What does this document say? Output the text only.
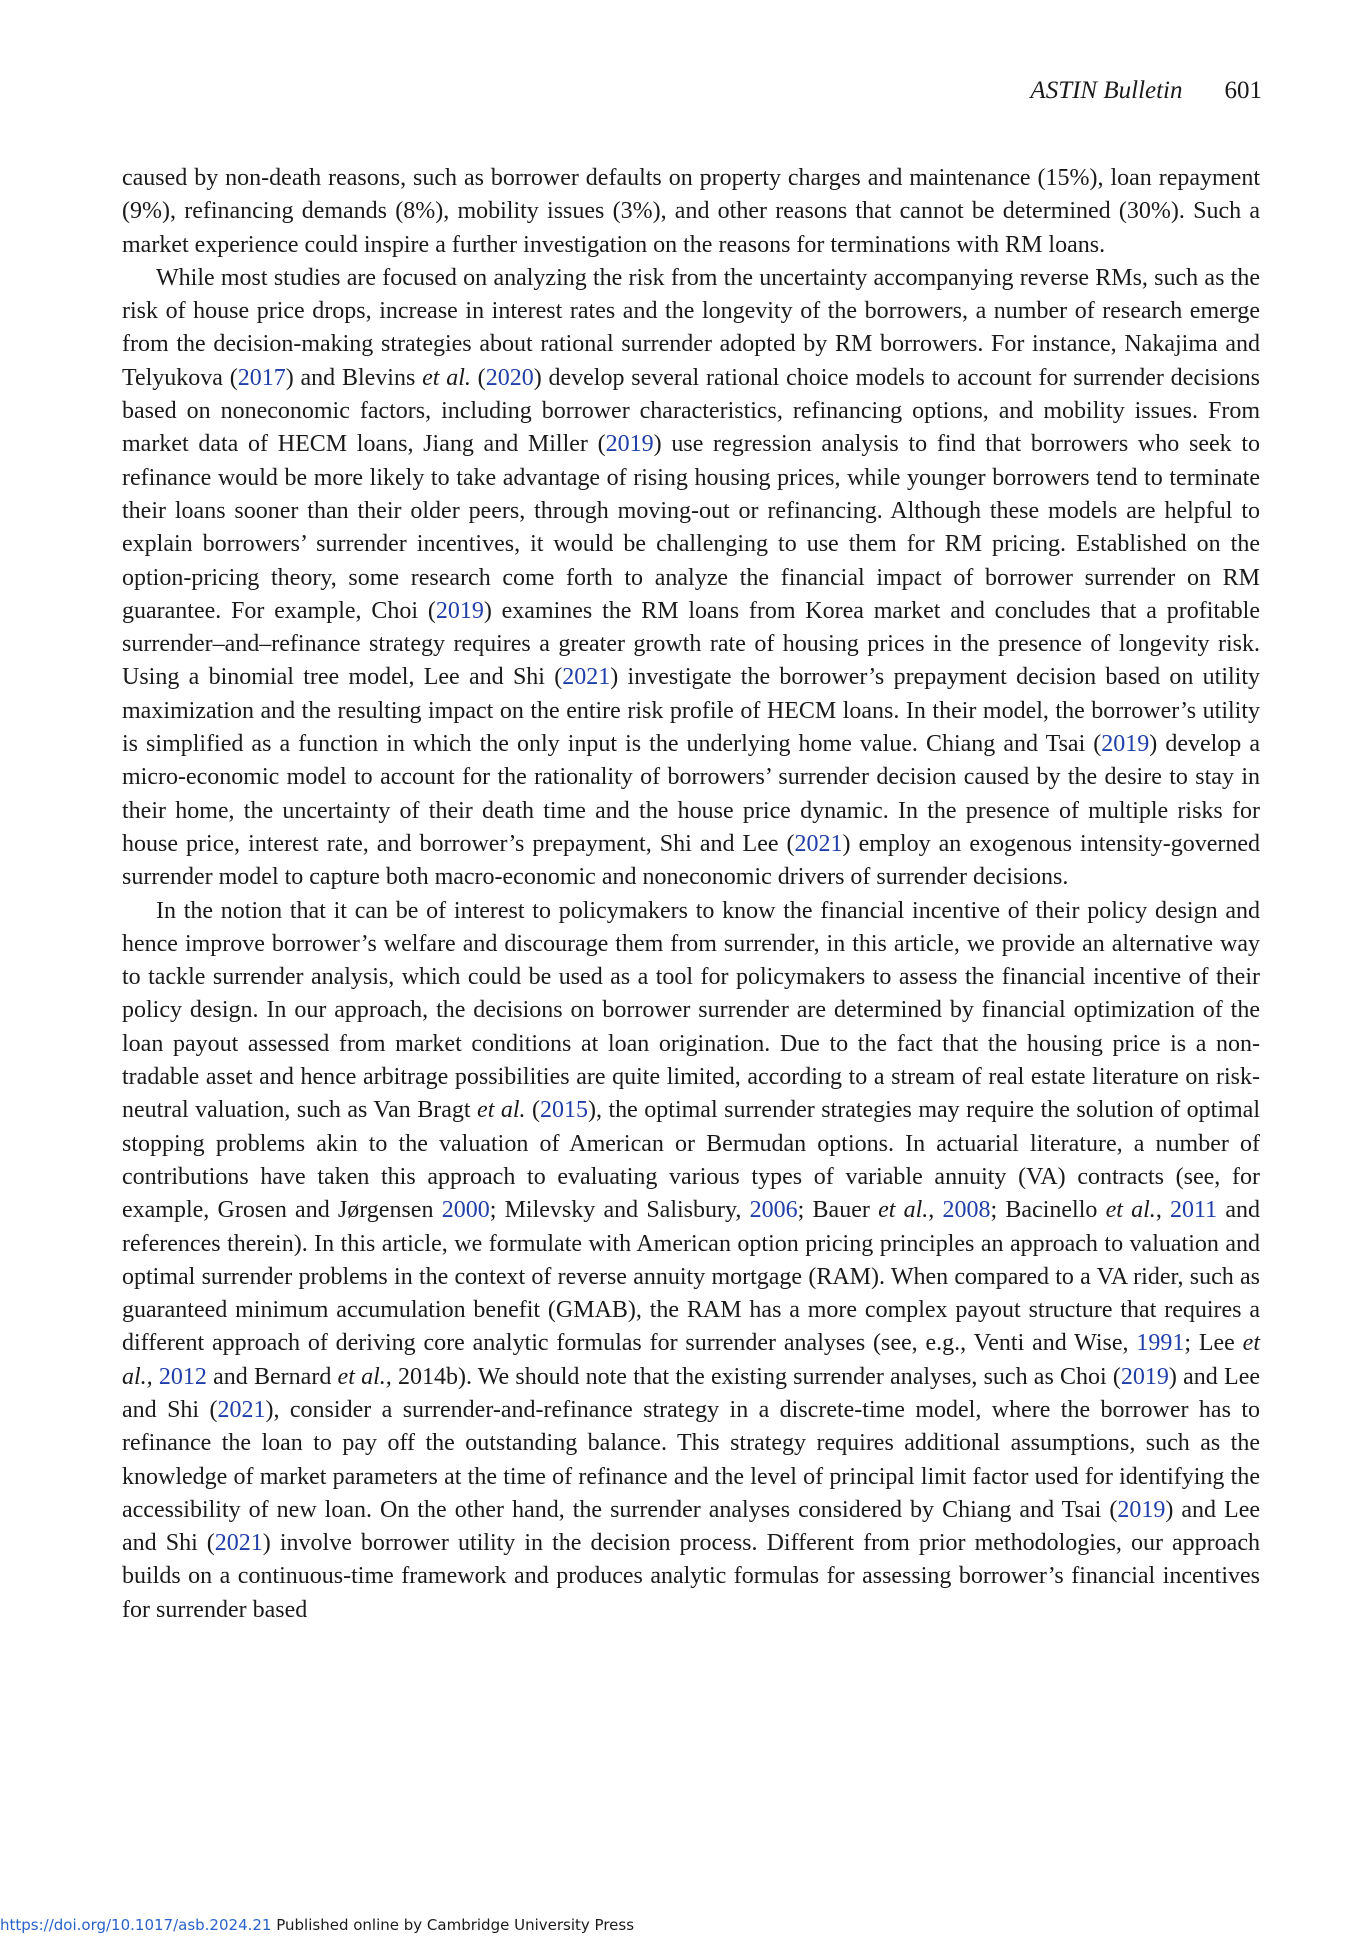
ASTIN Bulletin 601

caused by non-death reasons, such as borrower defaults on property charges and maintenance (15%), loan repayment (9%), refinancing demands (8%), mobility issues (3%), and other reasons that cannot be determined (30%). Such a market experience could inspire a further investigation on the reasons for terminations with RM loans.

While most studies are focused on analyzing the risk from the uncertainty accompanying reverse RMs, such as the risk of house price drops, increase in interest rates and the longevity of the borrowers, a number of research emerge from the decision-making strategies about rational surrender adopted by RM borrowers. For instance, Nakajima and Telyukova (2017) and Blevins et al. (2020) develop several rational choice models to account for surrender decisions based on noneconomic factors, including borrower characteristics, refinancing options, and mobility issues. From market data of HECM loans, Jiang and Miller (2019) use regression analysis to find that borrowers who seek to refinance would be more likely to take advantage of rising housing prices, while younger borrowers tend to terminate their loans sooner than their older peers, through moving-out or refinancing. Although these models are helpful to explain borrowers’ surrender incentives, it would be challenging to use them for RM pricing. Established on the option-pricing theory, some research come forth to analyze the financial impact of borrower surrender on RM guarantee. For example, Choi (2019) examines the RM loans from Korea market and concludes that a profitable surrender–and–refinance strategy requires a greater growth rate of housing prices in the presence of longevity risk. Using a binomial tree model, Lee and Shi (2021) investigate the borrower’s prepayment decision based on utility maximization and the resulting impact on the entire risk profile of HECM loans. In their model, the borrower’s utility is simplified as a function in which the only input is the underlying home value. Chiang and Tsai (2019) develop a micro-economic model to account for the rationality of borrowers’ surrender decision caused by the desire to stay in their home, the uncertainty of their death time and the house price dynamic. In the presence of multiple risks for house price, interest rate, and borrower’s prepayment, Shi and Lee (2021) employ an exogenous intensity-governed surrender model to capture both macro-economic and noneconomic drivers of surrender decisions.

In the notion that it can be of interest to policymakers to know the financial incentive of their policy design and hence improve borrower’s welfare and discourage them from surrender, in this article, we provide an alternative way to tackle surrender analysis, which could be used as a tool for policymakers to assess the financial incentive of their policy design. In our approach, the decisions on borrower surrender are determined by financial optimization of the loan payout assessed from market conditions at loan origination. Due to the fact that the housing price is a non-tradable asset and hence arbitrage possibilities are quite limited, according to a stream of real estate literature on risk-neutral valuation, such as Van Bragt et al. (2015), the optimal surrender strategies may require the solution of optimal stopping problems akin to the valuation of American or Bermudan options. In actuarial literature, a number of contributions have taken this approach to evaluating various types of variable annuity (VA) contracts (see, for example, Grosen and Jørgensen 2000; Milevsky and Salisbury, 2006; Bauer et al., 2008; Bacinello et al., 2011 and references therein). In this article, we formulate with American option pricing principles an approach to valuation and optimal surrender problems in the context of reverse annuity mortgage (RAM). When compared to a VA rider, such as guaranteed minimum accumulation benefit (GMAB), the RAM has a more complex payout structure that requires a different approach of deriving core analytic formulas for surrender analyses (see, e.g., Venti and Wise, 1991; Lee et al., 2012 and Bernard et al., 2014b). We should note that the existing surrender analyses, such as Choi (2019) and Lee and Shi (2021), consider a surrender-and-refinance strategy in a discrete-time model, where the borrower has to refinance the loan to pay off the outstanding balance. This strategy requires additional assumptions, such as the knowledge of market parameters at the time of refinance and the level of principal limit factor used for identifying the accessibility of new loan. On the other hand, the surrender analyses considered by Chiang and Tsai (2019) and Lee and Shi (2021) involve borrower utility in the decision process. Different from prior methodologies, our approach builds on a continuous-time framework and produces analytic formulas for assessing borrower’s financial incentives for surrender based

https://doi.org/10.1017/asb.2024.21 Published online by Cambridge University Press
